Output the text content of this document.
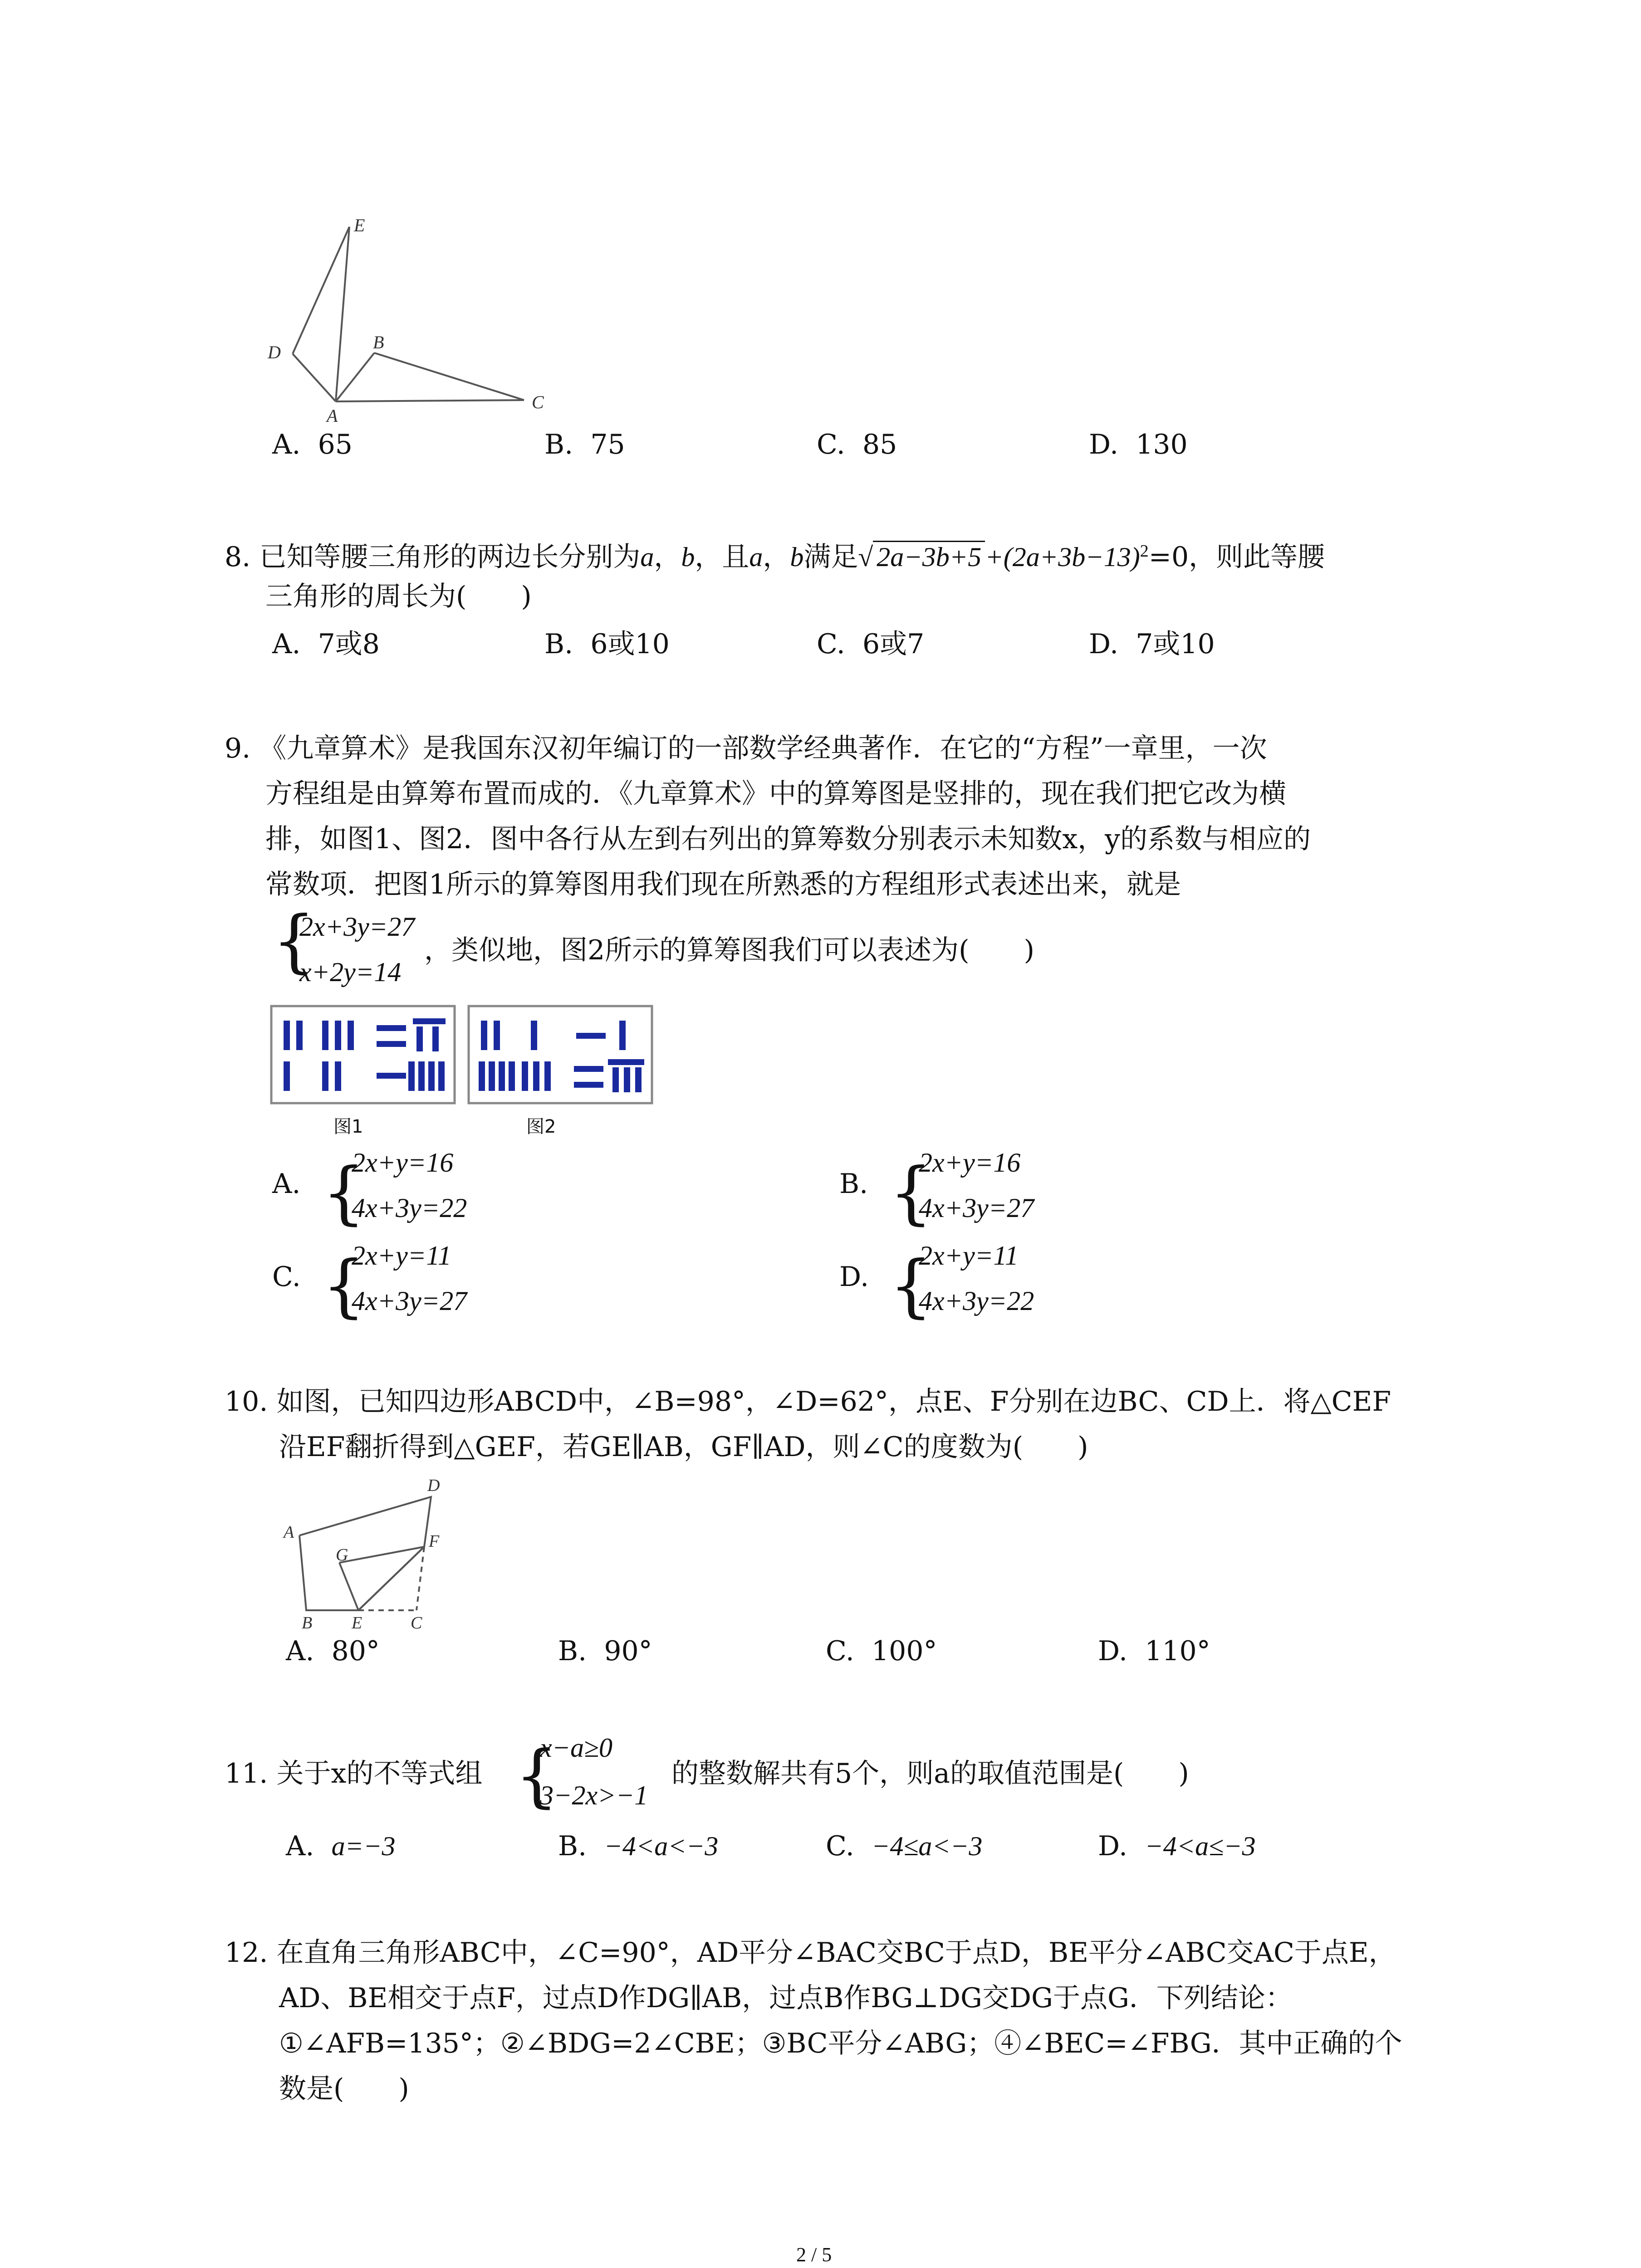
E
D	B
A
C
A. 65	B. 75	C. 85	D. 130
8. 已知等腰三角形的两边长分别为a，b，且a，b满足√ $2a-3b+5 +(2a+3b-13)^2=0$，则此等腰
三角形的周长为(　　)
A. 7或8	B. 6或10	C. 6或7	D. 7或10
9. 《九章算术》是我国东汉初年编订的一部数学经典著作．在它的“方程”一章里，一次
方程组是由算筹布置而成的．《九章算术》中的算筹图是竖排的，现在我们把它改为横
排，如图1、图2．图中各行从左到右列出的算筹数分别表示未知数x，y的系数与相应的
常数项．把图1所示的算筹图用我们现在所熟悉的方程组形式表述出来，就是
{
2x+3y=27
x+2y=14
，类似地，图2所示的算筹图我们可以表述为(　　)
图1	图2
A. {
2x+y=16
4x+3y=22
B. {
2x+y=16
4x+3y=27
C. {
2x+y=11
4x+3y=27
D. {
2x+y=11
4x+3y=22
10. 如图，已知四边形ABCD中，∠B=98°，∠D=62°，点E、F分别在边BC、CD上．将△CEF
沿EF翻折得到△GEF，若GE∥AB，GF∥AD，则∠C的度数为(　　)
A
D
F
G
B E	C
A. 80°	B. 90°	C. 100°	D. 110°
11. 关于x的不等式组 {
x−a≥0
3−2x>−1
的整数解共有5个，则a的取值范围是(　　)
A. a=−3	B. −4<a<−3	C. −4≤a<−3	D. −4<a≤−3
12. 在直角三角形ABC中，∠C=90°，AD平分∠BAC交BC于点D，BE平分∠ABC交AC于点E，
AD、BE相交于点F，过点D作DG∥AB，过点B作BG⊥DG交DG于点G．下列结论：
①∠AFB=135°；②∠BDG=2∠CBE；③BC平分∠ABG；④∠BEC=∠FBG．其中正确的个
数是(　　)
2 / 5
